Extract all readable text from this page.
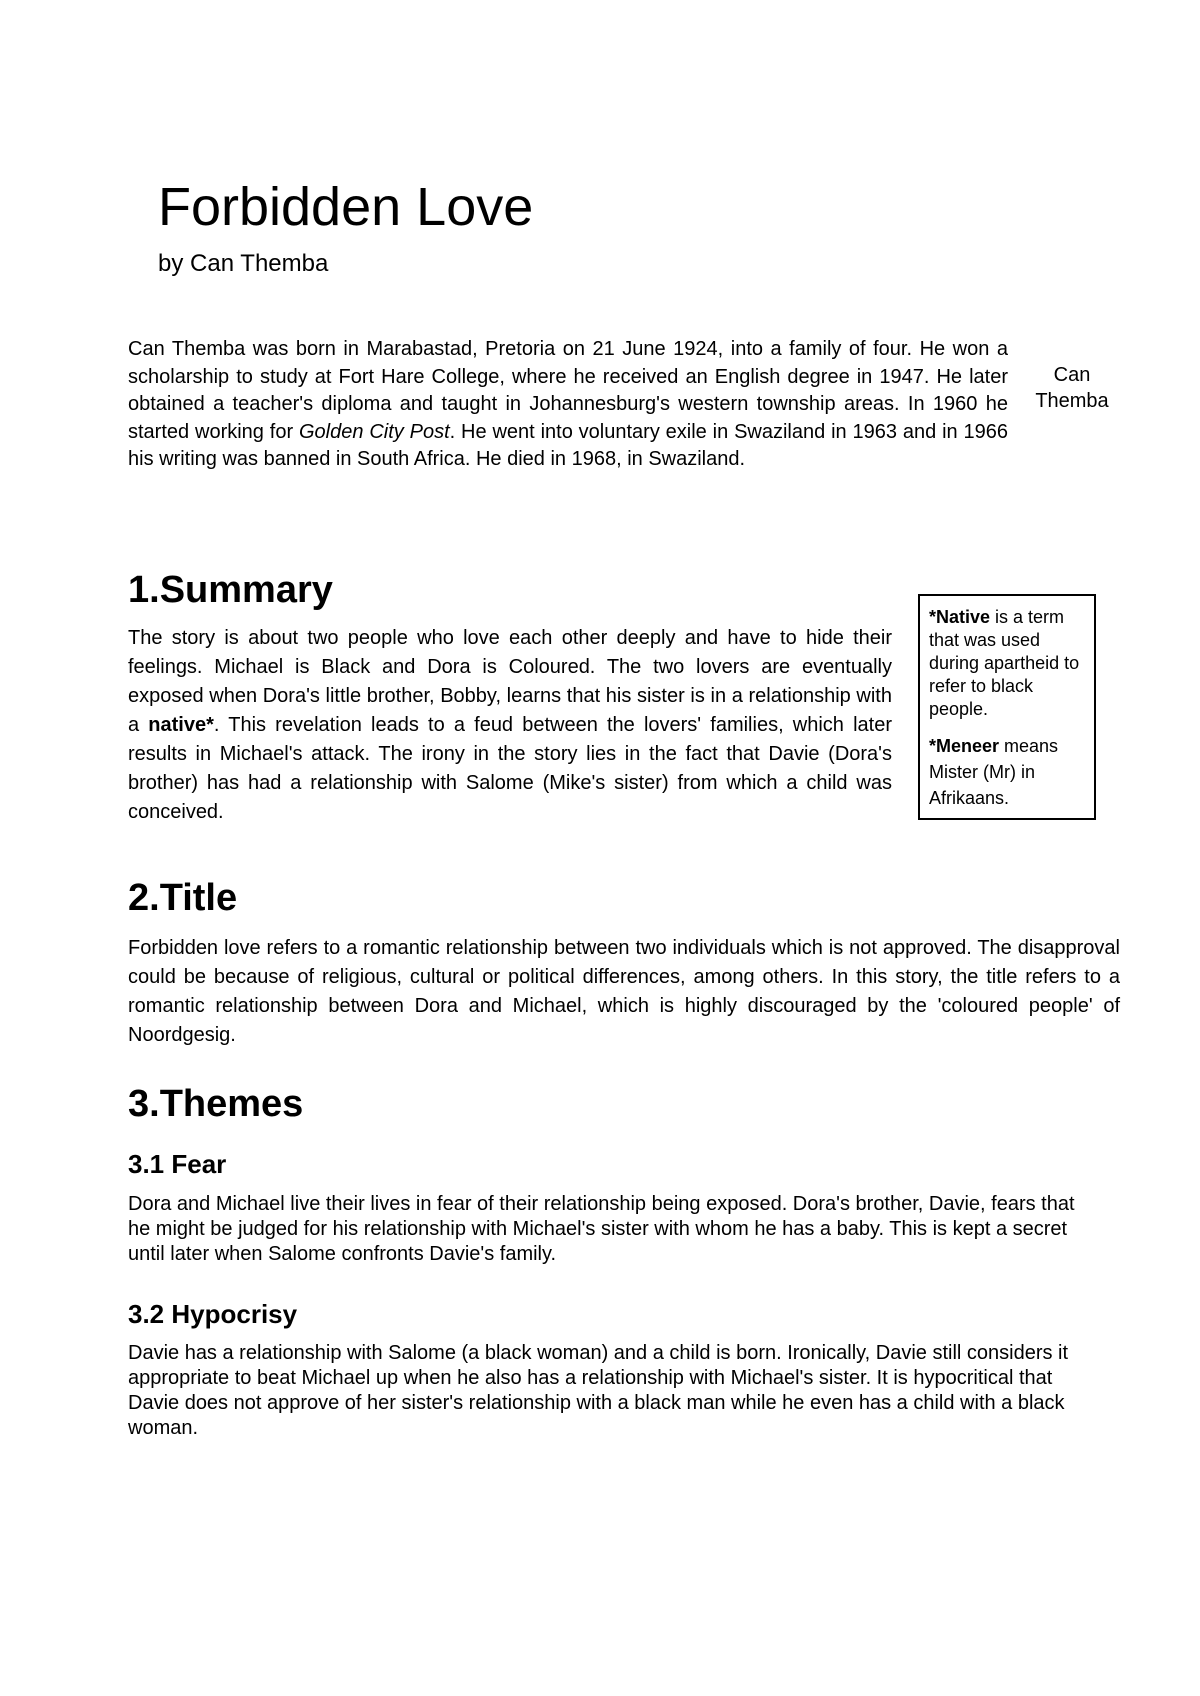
Forbidden Love

by Can Themba

Can Themba was born in Marabastad, Pretoria on 21 June 1924, into a family of four. He won a scholarship to study at Fort Hare College, where he received an English degree in 1947. He later obtained a teacher's diploma and taught in Johannesburg's western township areas. In 1960 he started working for Golden City Post. He went into voluntary exile in Swaziland in 1963 and in 1966 his writing was banned in South Africa. He died in 1968, in Swaziland.

Can Themba

1.Summary

The story is about two people who love each other deeply and have to hide their feelings. Michael is Black and Dora is Coloured. The two lovers are eventually exposed when Dora's little brother, Bobby, learns that his sister is in a relationship with a native*. This revelation leads to a feud between the lovers' families, which later results in Michael's attack. The irony in the story lies in the fact that Davie (Dora's brother) has had a relationship with Salome (Mike's sister) from which a child was conceived.

*Native is a term that was used during apartheid to refer to black people.

*Meneer means Mister (Mr) in Afrikaans.

2.Title

Forbidden love refers to a romantic relationship between two individuals which is not approved. The disapproval could be because of religious, cultural or political differences, among others. In this story, the title refers to a romantic relationship between Dora and Michael, which is highly discouraged by the 'coloured people' of Noordgesig.

3.Themes
3.1 Fear

Dora and Michael live their lives in fear of their relationship being exposed. Dora's brother, Davie, fears that he might be judged for his relationship with Michael's sister with whom he has a baby. This is kept a secret until later when Salome confronts Davie's family.

3.2 Hypocrisy

Davie has a relationship with Salome (a black woman) and a child is born. Ironically, Davie still considers it appropriate to beat Michael up when he also has a relationship with Michael's sister. It is hypocritical that Davie does not approve of her sister's relationship with a black man while he even has a child with a black woman.
